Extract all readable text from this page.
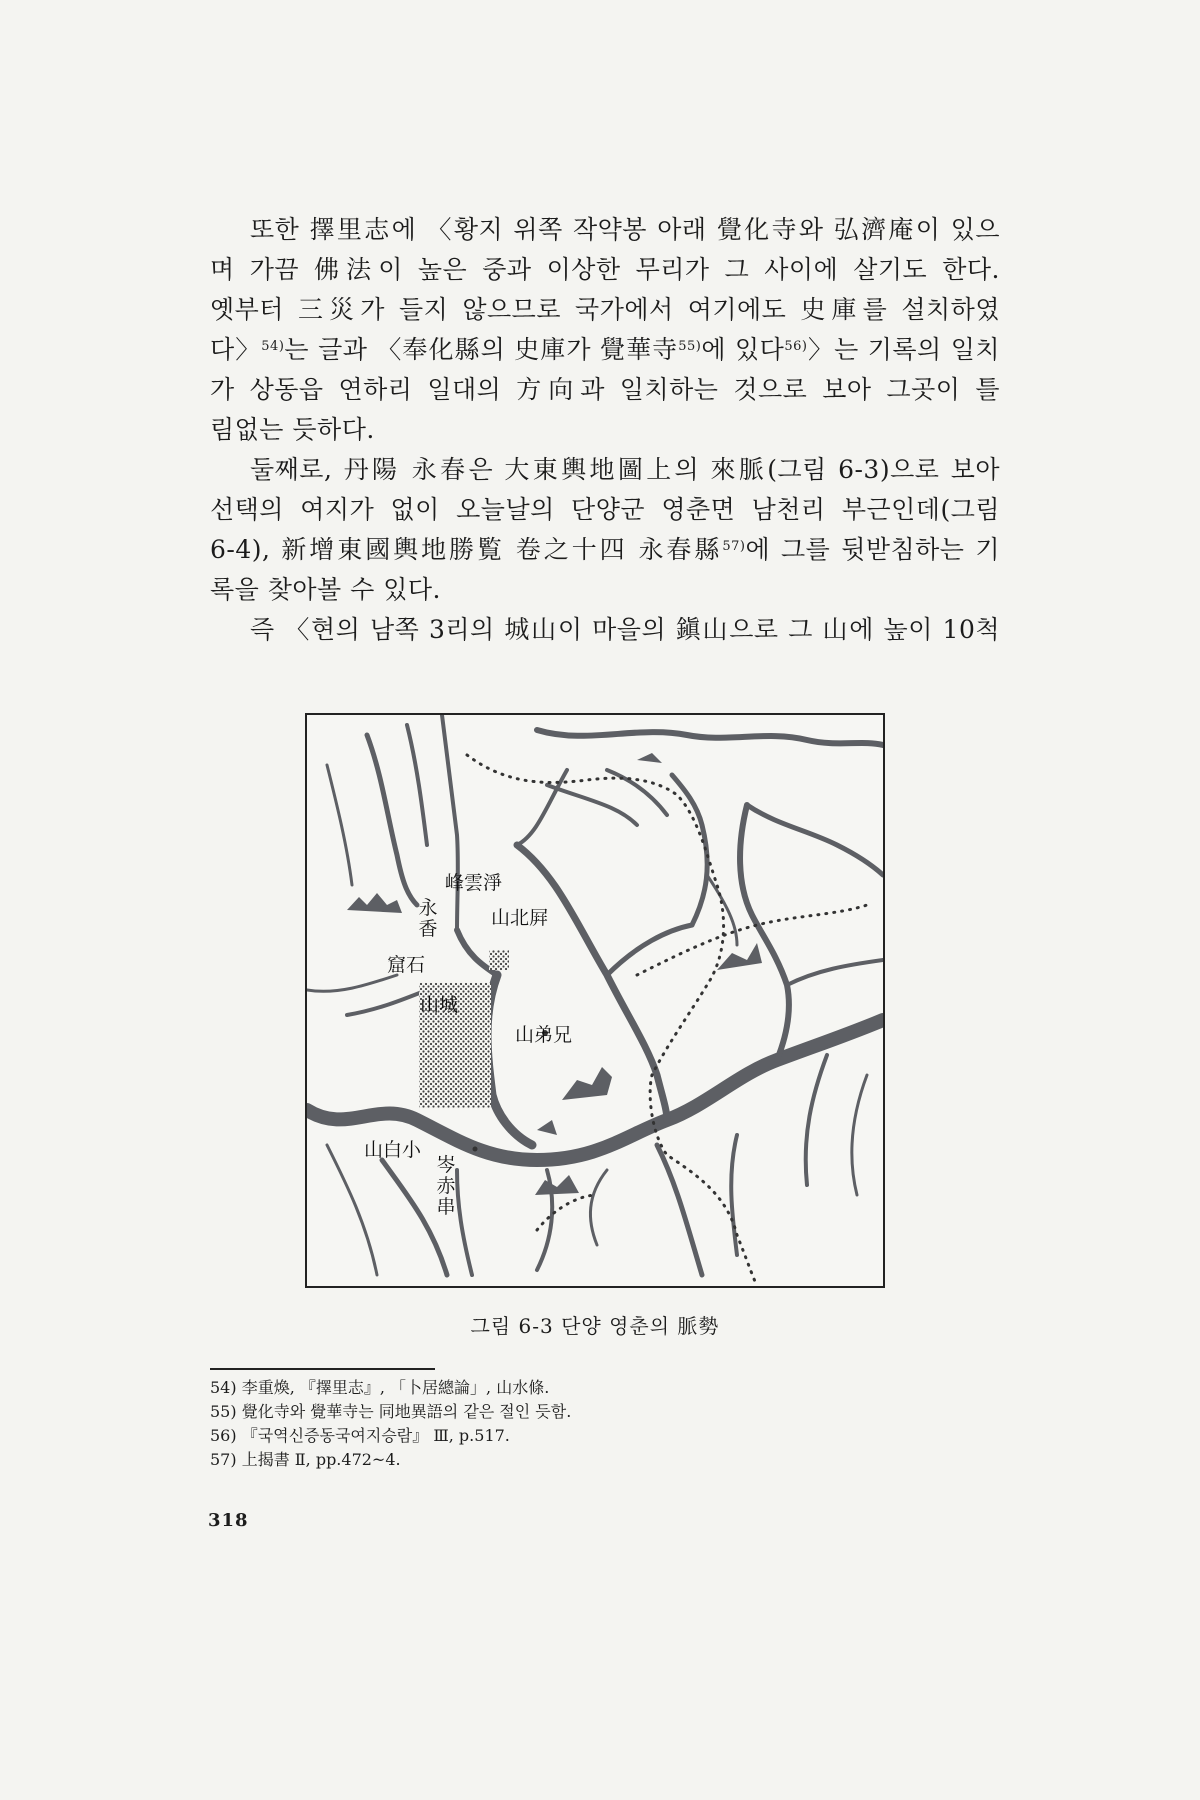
또한 擇里志에 〈황지 위쪽 작약봉 아래 覺化寺와 弘濟庵이 있으
며 가끔 佛法이 높은 중과 이상한 무리가 그 사이에 살기도 한다.
옛부터 三災가 들지 않으므로 국가에서 여기에도 史庫를 설치하였
다〉$^{54)}$는 글과 〈奉化縣의 史庫가 覺華寺$^{55)}$에 있다$^{56)}$〉는 기록의 일치
가 상동읍 연하리 일대의 方向과 일치하는 것으로 보아 그곳이 틀
림없는 듯하다.
둘째로, 丹陽 永春은 大東輿地圖上의 來脈(그림 6-3)으로 보아
선택의 여지가 없이 오늘날의 단양군 영춘면 남천리 부근인데(그림
6-4), 新增東國輿地勝覧 卷之十四 永春縣$^{57)}$에 그를 뒷받침하는 기
록을 찾아볼 수 있다.
즉 〈현의 남쪽 3리의 城山이 마을의 鎭山으로 그 山에 높이 10척
峰雲淨
永香	山北屛
窟石
山城
山弟兄
山白小
岑赤串
그림 6-3 단양 영춘의 脈勢
54) 李重煥, 『擇里志』, 「卜居總論」, 山水條.
55) 覺化寺와 覺華寺는 同地異語의 같은 절인 듯함.
56) 『국역신증동국여지승람』 Ⅲ, p.517.
57) 上揭書 Ⅱ, pp.472~4.
318
